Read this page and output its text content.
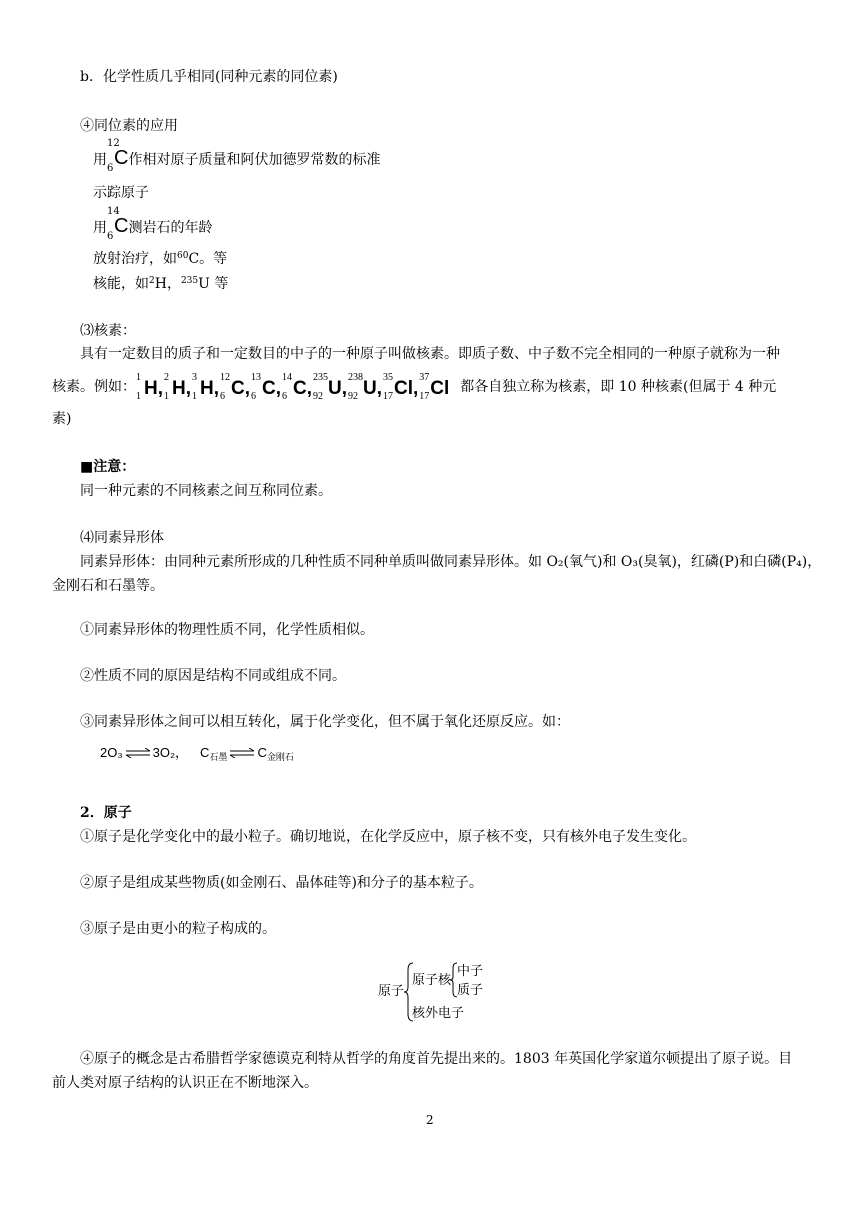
b．化学性质几乎相同(同种元素的同位素)
④同位素的应用
用
12
6 C作相对原子质量和阿伏加德罗常数的标准
示踪原子
用
14
6 C测岩石的年龄
放射治疗，如$^{60}$C。等
核能，如$^2$H，$^{235}$U 等
⑶核素：
具有一定数目的质子和一定数目的中子的一种原子叫做核素。即质子数、中子数不完全相同的一种原子就称为一种
核素。例如：
1
1 H,
2
1 H,
3
1 H,
12
6 C,
13
6 C,
14
6 C,
235
92 U,
238
92 U,
35
17 Cl,
37
17 Cl 都各自独立称为核素，即 10 种核素(但属于 4 种元
素)
■注意：
同一种元素的不同核素之间互称同位素。
⑷同素异形体
同素异形体：由同种元素所形成的几种性质不同种单质叫做同素异形体。如 O₂(氧气)和 O₃(臭氧)，红磷(P)和白磷(P₄)，
金刚石和石墨等。
①同素异形体的物理性质不同，化学性质相似。
②性质不同的原因是结构不同或组成不同。
③同素异形体之间可以相互转化，属于化学变化，但不属于氧化还原反应。如：
2O₃ ⇌ 3O₂， $C_{石墨}$ ⇌ $C_{金刚石}$
2．原子
①原子是化学变化中的最小粒子。确切地说，在化学反应中，原子核不变，只有核外电子发生变化。
②原子是组成某些物质(如金刚石、晶体硅等)和分子的基本粒子。
③原子是由更小的粒子构成的。
原子
原子核
中子
质子
核外电子
④原子的概念是古希腊哲学家德谟克利特从哲学的角度首先提出来的。1803 年英国化学家道尔顿提出了原子说。目
前人类对原子结构的认识正在不断地深入。
2
